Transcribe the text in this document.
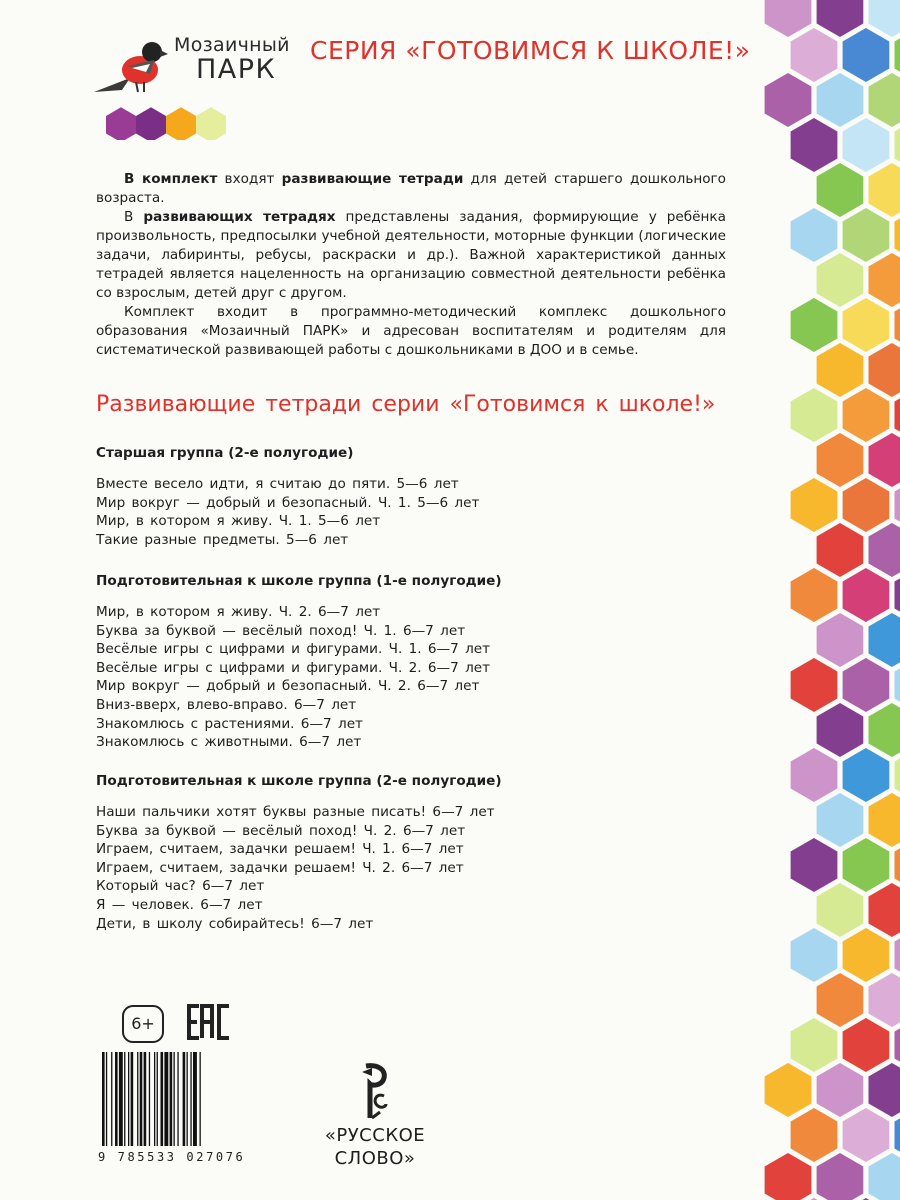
Мозаичный
ПАРК
СЕРИЯ «ГОТОВИМСЯ К ШКОЛЕ!»

В комплект входят развивающие тетради для детей старшего дошкольного возраста.

В развивающих тетрадях представлены задания, формирующие у ребёнка произвольность, предпосылки учебной деятельности, моторные функции (логические задачи, лабиринты, ребусы, раскраски и др.). Важной характеристикой данных тетрадей является нацеленность на организацию совместной деятельности ребёнка со взрослым, детей друг с другом.

Комплект входит в программно-методический комплекс дошкольного образования «Мозаичный ПАРК» и адресован воспитателям и родителям для систематической развивающей работы с дошкольниками в ДОО и в семье.

Развивающие тетради серии «Готовимся к школе!»
Старшая группа (2-е полугодие)
Вместе весело идти, я считаю до пяти. 5—6 лет
Мир вокруг — добрый и безопасный. Ч. 1. 5—6 лет
Мир, в котором я живу. Ч. 1. 5—6 лет
Такие разные предметы. 5—6 лет
Подготовительная к школе группа (1-е полугодие)
Мир, в котором я живу. Ч. 2. 6—7 лет
Буква за буквой — весёлый поход! Ч. 1. 6—7 лет
Весёлые игры с цифрами и фигурами. Ч. 1. 6—7 лет
Весёлые игры с цифрами и фигурами. Ч. 2. 6—7 лет
Мир вокруг — добрый и безопасный. Ч. 2. 6—7 лет
Вниз-вверх, влево-вправо. 6—7 лет
Знакомлюсь с растениями. 6—7 лет
Знакомлюсь с животными. 6—7 лет
Подготовительная к школе группа (2-е полугодие)
Наши пальчики хотят буквы разные писать! 6—7 лет
Буква за буквой — весёлый поход! Ч. 2. 6—7 лет
Играем, считаем, задачки решаем! Ч. 1. 6—7 лет
Играем, считаем, задачки решаем! Ч. 2. 6—7 лет
Который час? 6—7 лет
Я — человек. 6—7 лет
Дети, в школу собирайтесь! 6—7 лет
6+
9 785533 027076
«РУССКОЕ
СЛОВО»
